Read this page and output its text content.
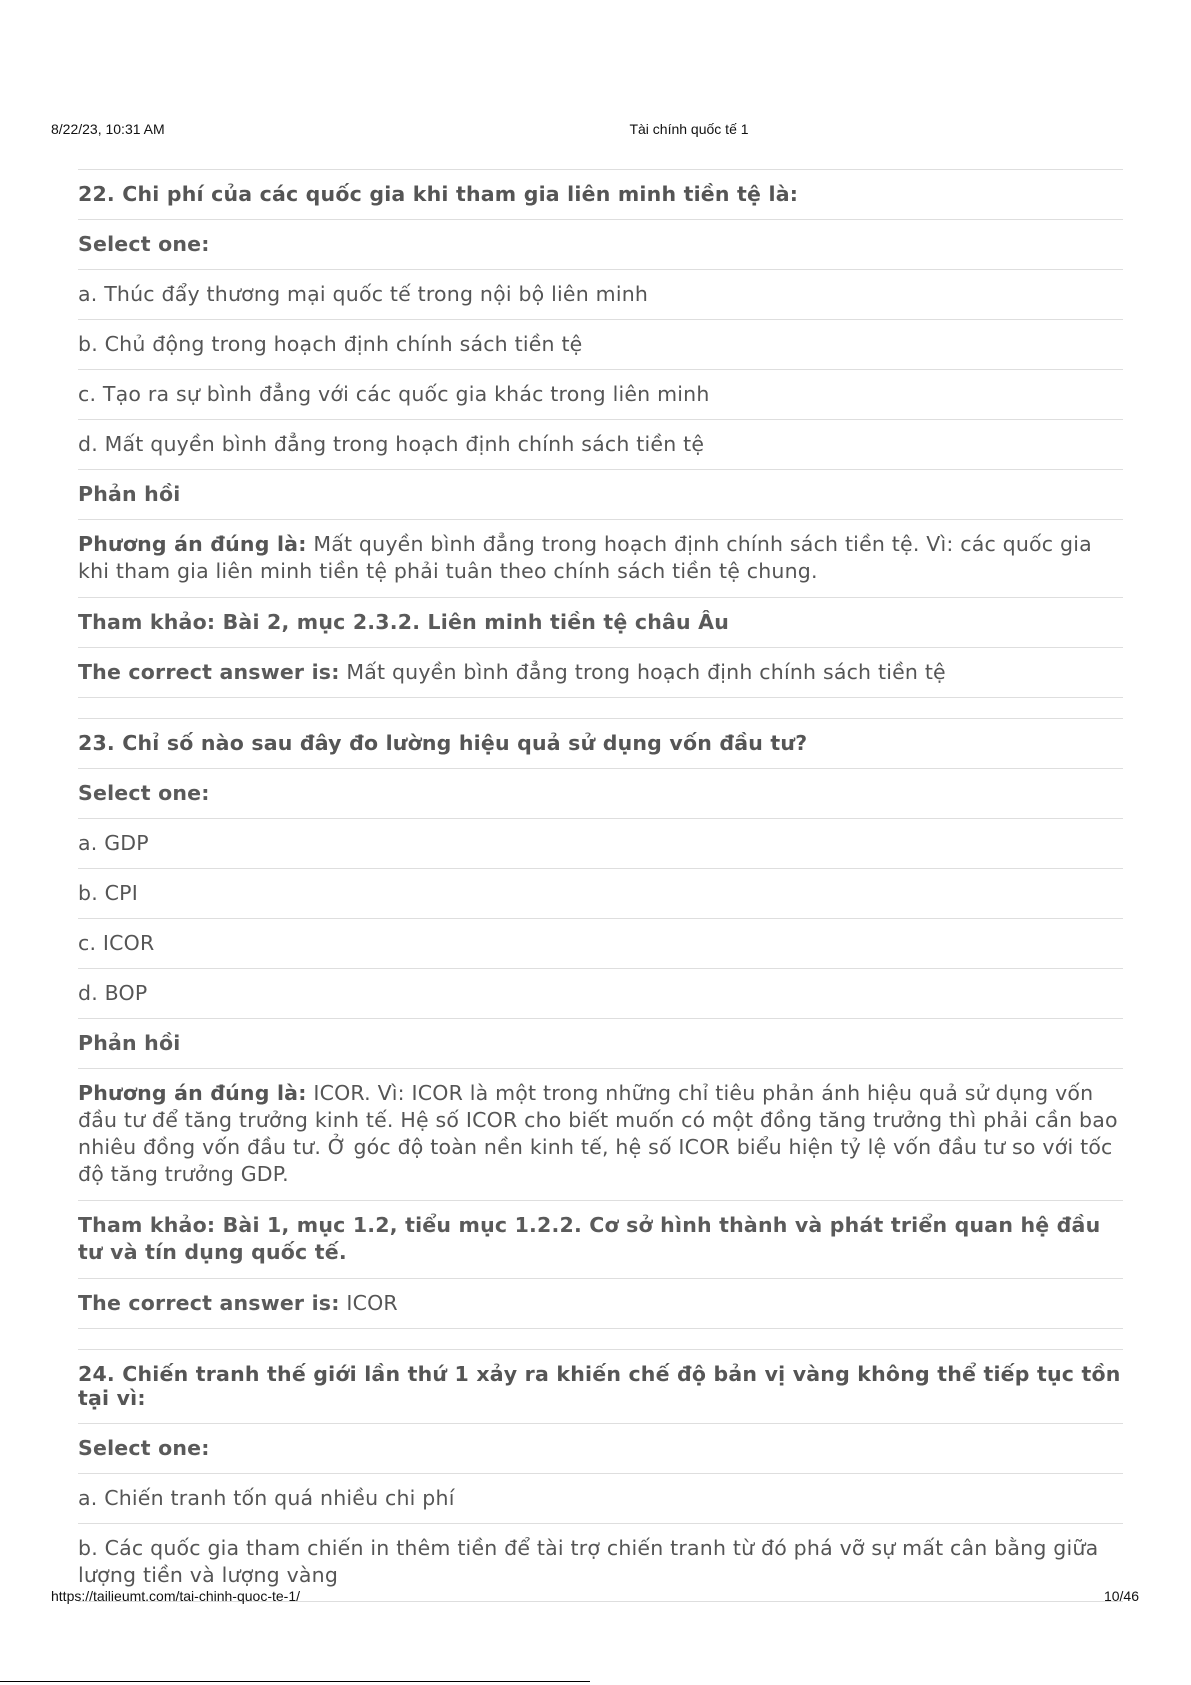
8/22/23, 10:31 AM	Tài chính quốc tế 1
22. Chi phí của các quốc gia khi tham gia liên minh tiền tệ là:
Select one:
a. Thúc đẩy thương mại quốc tế trong nội bộ liên minh
b. Chủ động trong hoạch định chính sách tiền tệ
c. Tạo ra sự bình đẳng với các quốc gia khác trong liên minh
d. Mất quyền bình đẳng trong hoạch định chính sách tiền tệ
Phản hồi
Phương án đúng là: Mất quyền bình đẳng trong hoạch định chính sách tiền tệ. Vì: các quốc gia khi tham gia liên minh tiền tệ phải tuân theo chính sách tiền tệ chung.
Tham khảo: Bài 2, mục 2.3.2. Liên minh tiền tệ châu Âu
The correct answer is: Mất quyền bình đẳng trong hoạch định chính sách tiền tệ
23. Chỉ số nào sau đây đo lường hiệu quả sử dụng vốn đầu tư?
Select one:
a. GDP
b. CPI
c. ICOR
d. BOP
Phản hồi
Phương án đúng là: ICOR. Vì: ICOR là một trong những chỉ tiêu phản ánh hiệu quả sử dụng vốn đầu tư để tăng trưởng kinh tế. Hệ số ICOR cho biết muốn có một đồng tăng trưởng thì phải cần bao nhiêu đồng vốn đầu tư. Ở góc độ toàn nền kinh tế, hệ số ICOR biểu hiện tỷ lệ vốn đầu tư so với tốc độ tăng trưởng GDP.
Tham khảo: Bài 1, mục 1.2, tiểu mục 1.2.2. Cơ sở hình thành và phát triển quan hệ đầu tư và tín dụng quốc tế.
The correct answer is: ICOR
24. Chiến tranh thế giới lần thứ 1 xảy ra khiến chế độ bản vị vàng không thể tiếp tục tồn tại vì:
Select one:
a. Chiến tranh tốn quá nhiều chi phí
b. Các quốc gia tham chiến in thêm tiền để tài trợ chiến tranh từ đó phá vỡ sự mất cân bằng giữa lượng tiền và lượng vàng
https://tailieumt.com/tai-chinh-quoc-te-1/	10/46
